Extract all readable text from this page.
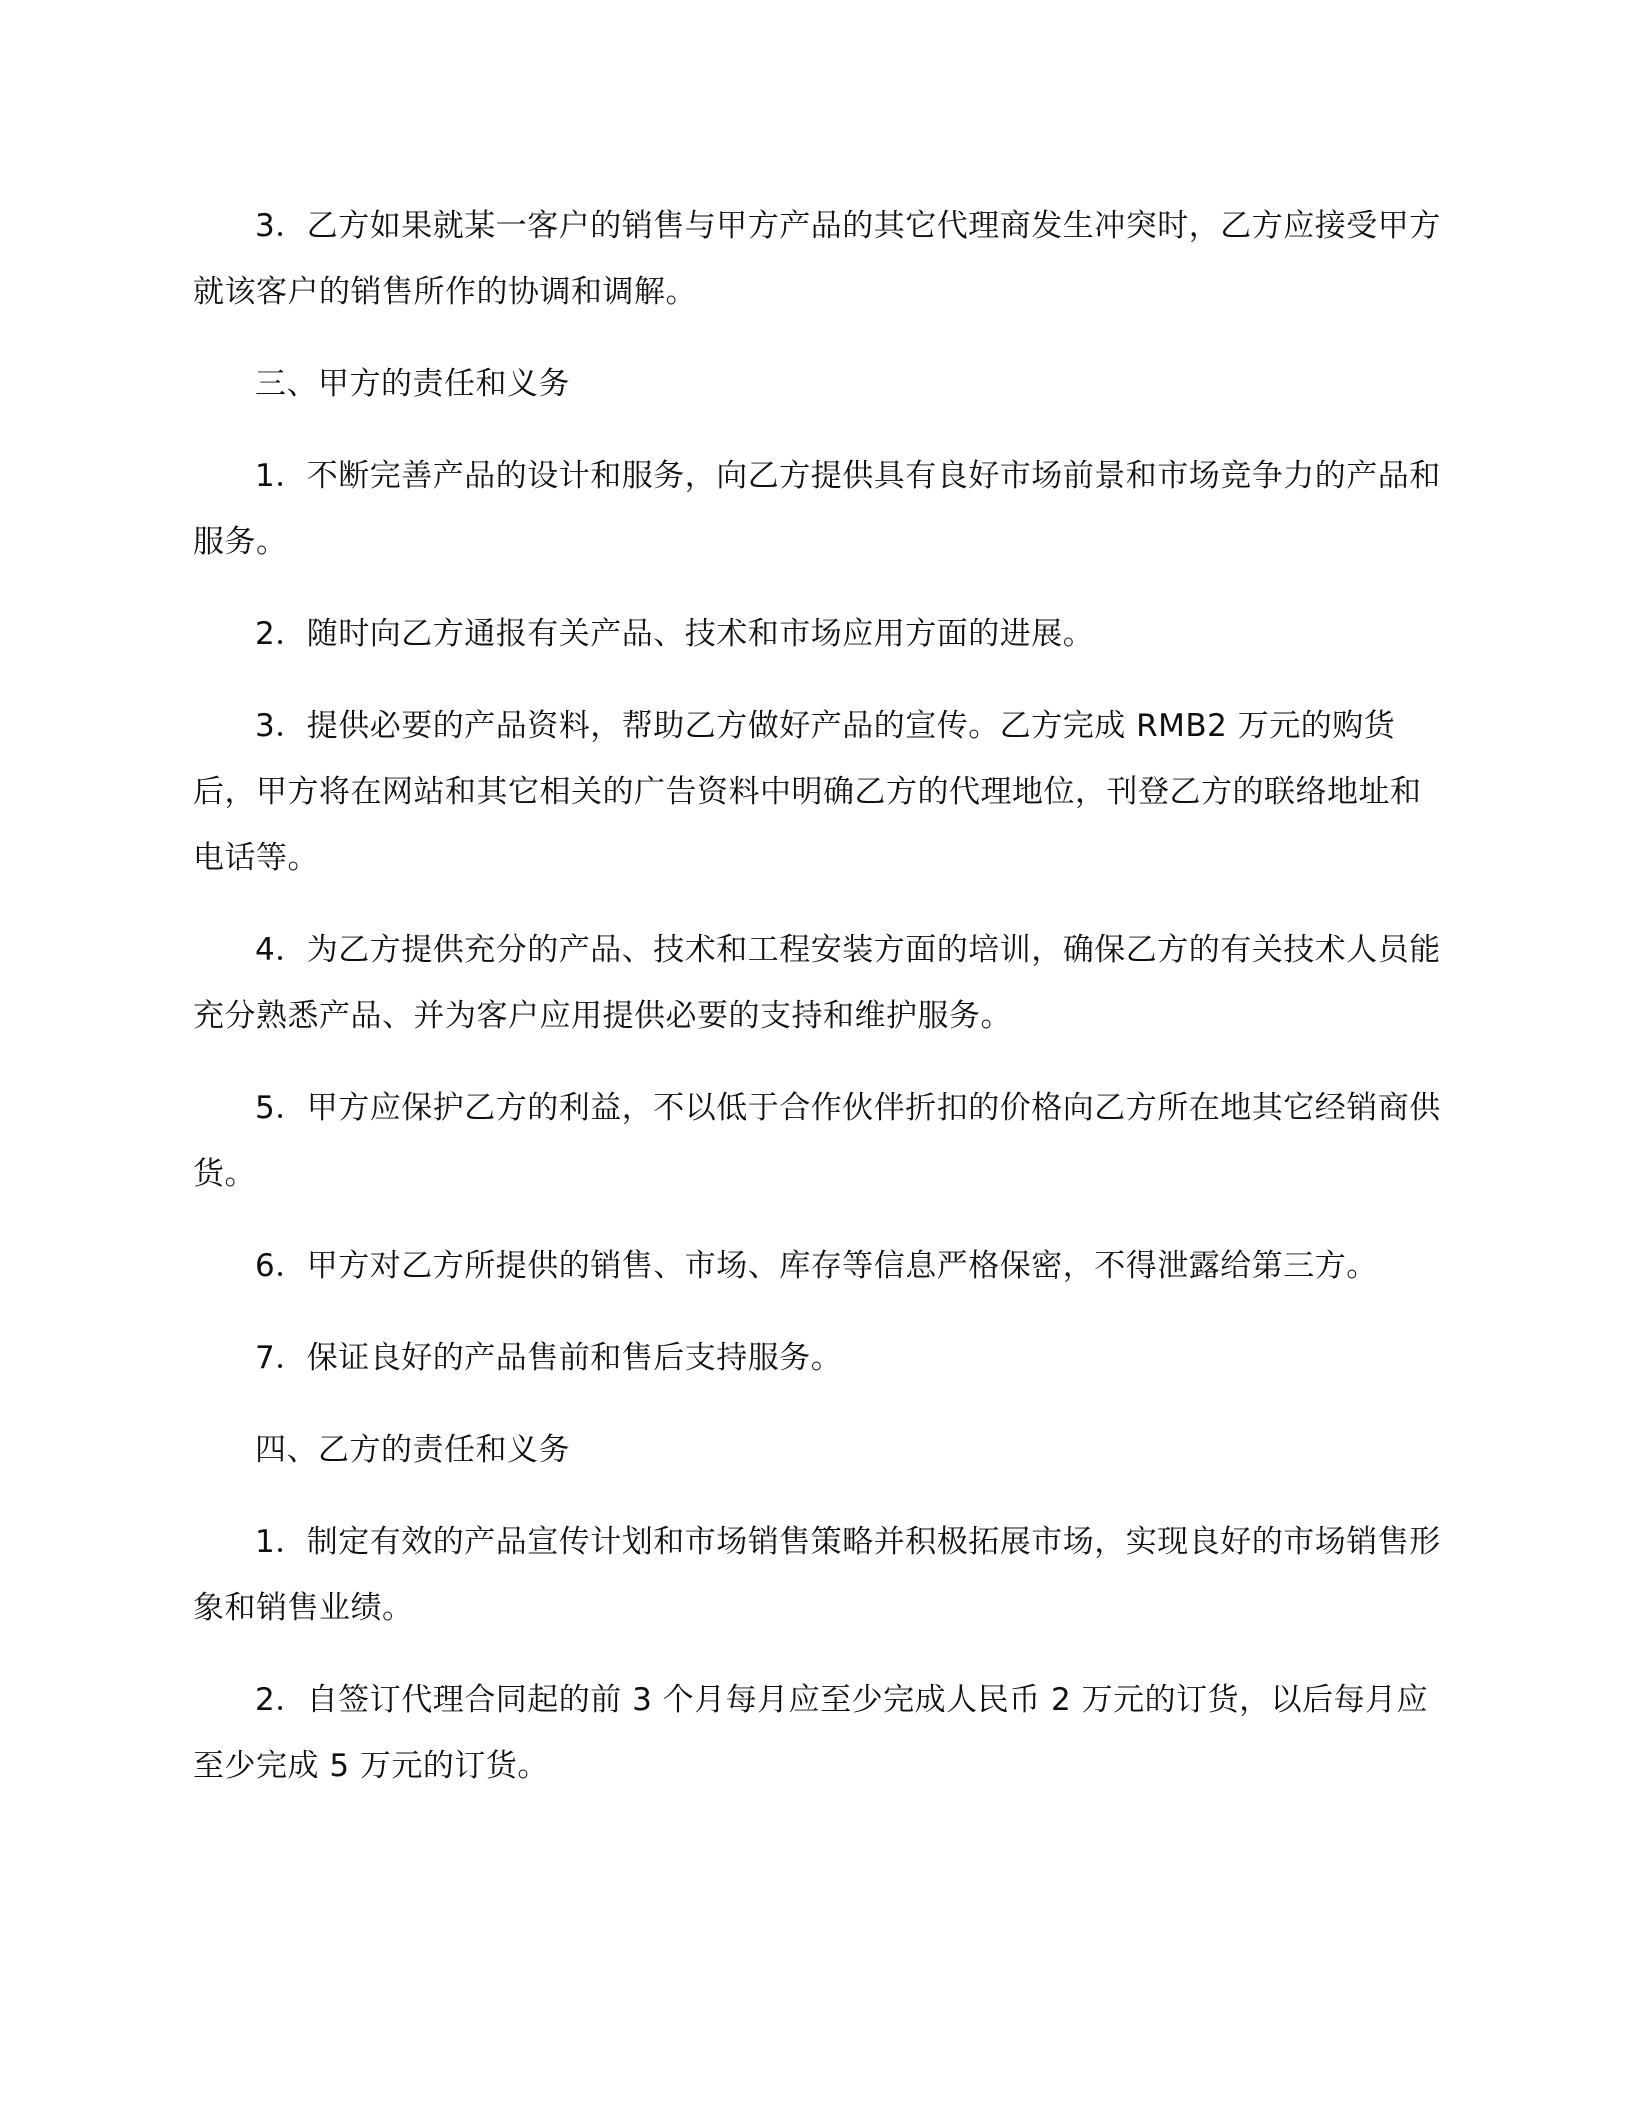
3．乙方如果就某一客户的销售与甲方产品的其它代理商发生冲突时，乙方应接受甲方就该客户的销售所作的协调和调解。

三、甲方的责任和义务

1．不断完善产品的设计和服务，向乙方提供具有良好市场前景和市场竞争力的产品和服务。

2．随时向乙方通报有关产品、技术和市场应用方面的进展。

3．提供必要的产品资料，帮助乙方做好产品的宣传。乙方完成 RMB2 万元的购货后，甲方将在网站和其它相关的广告资料中明确乙方的代理地位，刊登乙方的联络地址和电话等。

4．为乙方提供充分的产品、技术和工程安装方面的培训，确保乙方的有关技术人员能充分熟悉产品、并为客户应用提供必要的支持和维护服务。

5．甲方应保护乙方的利益，不以低于合作伙伴折扣的价格向乙方所在地其它经销商供货。

6．甲方对乙方所提供的销售、市场、库存等信息严格保密，不得泄露给第三方。

7．保证良好的产品售前和售后支持服务。

四、乙方的责任和义务

1．制定有效的产品宣传计划和市场销售策略并积极拓展市场，实现良好的市场销售形象和销售业绩。

2．自签订代理合同起的前 3 个月每月应至少完成人民币 2 万元的订货，以后每月应至少完成 5 万元的订货。
